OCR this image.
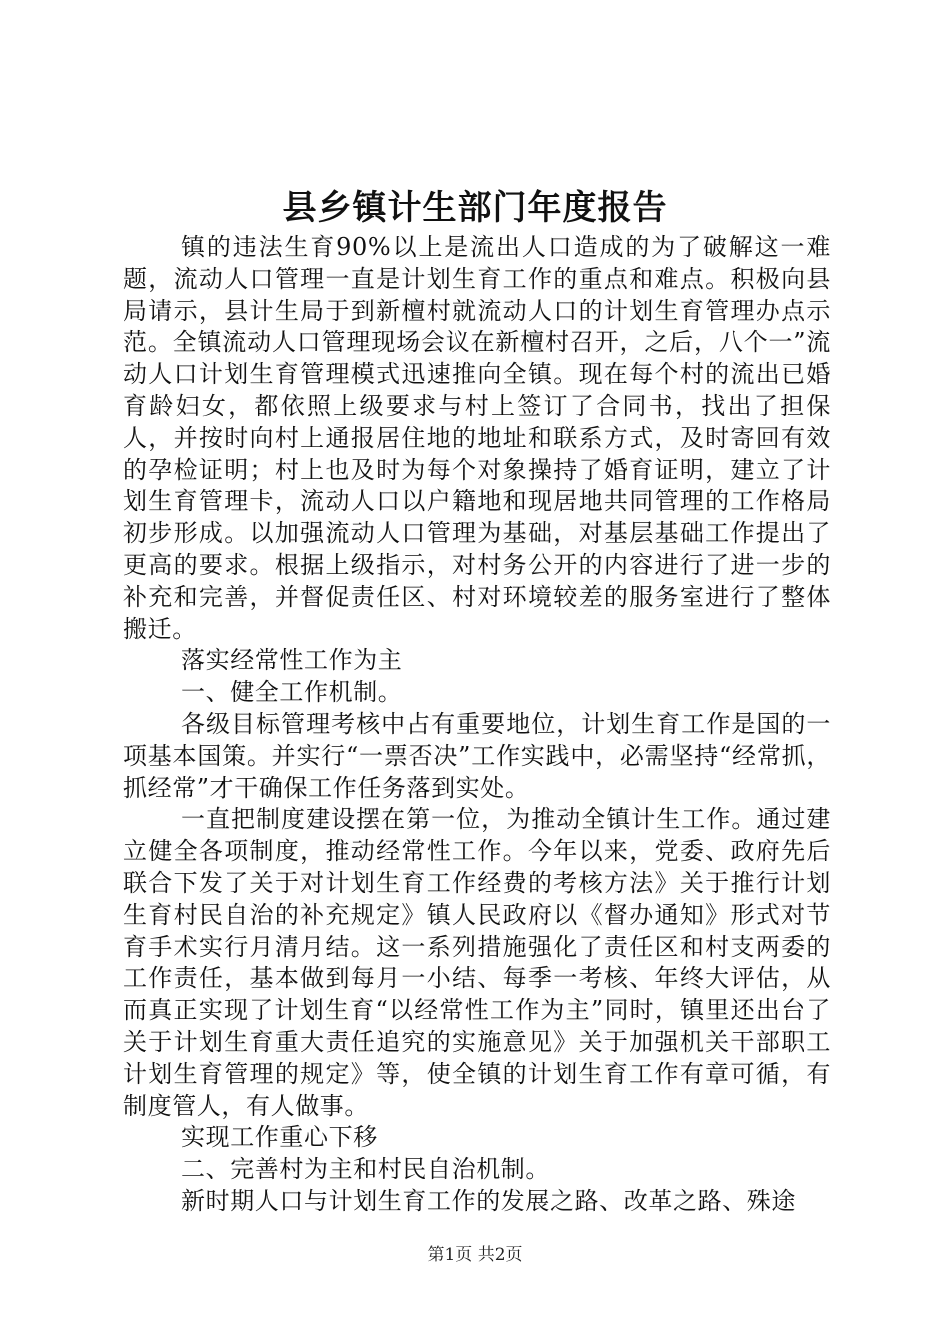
县乡镇计生部门年度报告

镇的违法生育90%以上是流出人口造成的为了破解这一难题，流动人口管理一直是计划生育工作的重点和难点。积极向县局请示，县计生局于到新檀村就流动人口的计划生育管理办点示范。全镇流动人口管理现场会议在新檀村召开，之后，八个一”流动人口计划生育管理模式迅速推向全镇。现在每个村的流出已婚育龄妇女，都依照上级要求与村上签订了合同书，找出了担保人，并按时向村上通报居住地的地址和联系方式，及时寄回有效的孕检证明；村上也及时为每个对象操持了婚育证明，建立了计划生育管理卡，流动人口以户籍地和现居地共同管理的工作格局初步形成。以加强流动人口管理为基础，对基层基础工作提出了更高的要求。根据上级指示，对村务公开的内容进行了进一步的补充和完善，并督促责任区、村对环境较差的服务室进行了整体搬迁。

落实经常性工作为主

一、健全工作机制。

各级目标管理考核中占有重要地位，计划生育工作是国的一项基本国策。并实行“一票否决”工作实践中，必需坚持“经常抓，抓经常”才干确保工作任务落到实处。

一直把制度建设摆在第一位，为推动全镇计生工作。通过建立健全各项制度，推动经常性工作。今年以来，党委、政府先后联合下发了关于对计划生育工作经费的考核方法》关于推行计划生育村民自治的补充规定》镇人民政府以《督办通知》形式对节育手术实行月清月结。这一系列措施强化了责任区和村支两委的工作责任，基本做到每月一小结、每季一考核、年终大评估，从而真正实现了计划生育“以经常性工作为主”同时，镇里还出台了关于计划生育重大责任追究的实施意见》关于加强机关干部职工计划生育管理的规定》等，使全镇的计划生育工作有章可循，有制度管人，有人做事。

实现工作重心下移

二、完善村为主和村民自治机制。

新时期人口与计划生育工作的发展之路、改革之路、殊途

第1页 共2页
